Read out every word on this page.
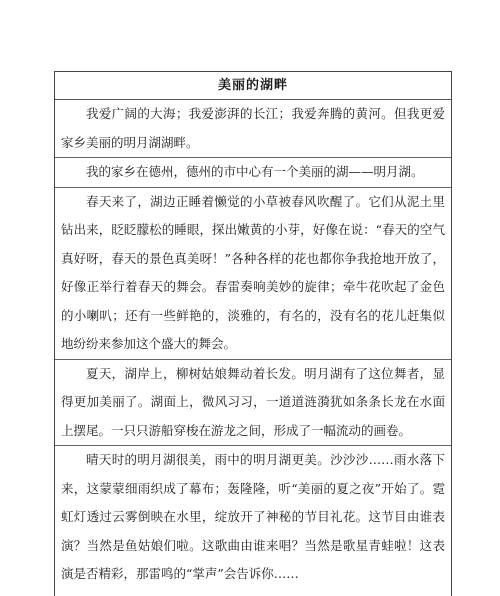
美丽的湖畔
我爱广阔的大海；我爱澎湃的长江；我爱奔腾的黄河。但我更爱家乡美丽的明月湖湖畔。
我的家乡在德州，德州的市中心有一个美丽的湖——明月湖。
春天来了，湖边正睡着懒觉的小草被春风吹醒了。它们从泥土里钻出来，眨眨朦松的睡眼，探出嫩黄的小芽，好像在说：“春天的空气真好呀，春天的景色真美呀！”各种各样的花也都你争我抢地开放了，好像正举行着春天的舞会。春雷奏响美妙的旋律；牵牛花吹起了金色的小喇叭；还有一些鲜艳的，淡雅的，有名的，没有名的花儿赶集似地纷纷来参加这个盛大的舞会。
夏天，湖岸上，柳树姑娘舞动着长发。明月湖有了这位舞者，显得更加美丽了。湖面上，微风习习，一道道涟漪犹如条条长龙在水面上摆尾。一只只游船穿梭在游龙之间，形成了一幅流动的画卷。
晴天时的明月湖很美，雨中的明月湖更美。沙沙沙……雨水落下来，这蒙蒙细雨织成了幕布；轰隆隆，听“美丽的夏之夜”开始了。霓虹灯透过云雾倒映在水里，绽放开了神秘的节目礼花。这节目由谁表演？当然是鱼姑娘们啦。这歌曲由谁来唱？当然是歌星青蛙啦！这表演是否精彩，那雷鸣的“掌声”会告诉你……
